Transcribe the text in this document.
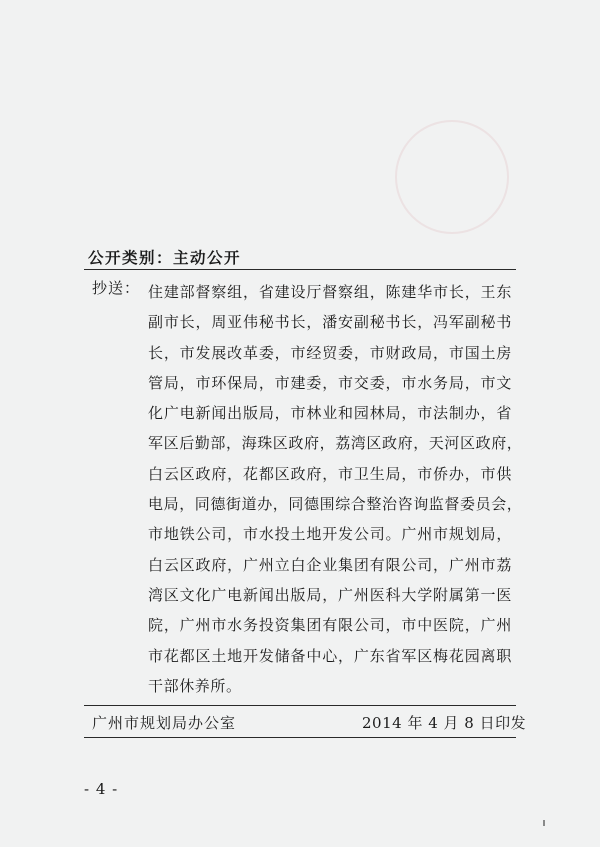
公开类别：主动公开
抄送： 住建部督察组，省建设厅督察组，陈建华市长，王东
副市长，周亚伟秘书长，潘安副秘书长，冯军副秘书
长，市发展改革委，市经贸委，市财政局，市国土房
管局，市环保局，市建委，市交委，市水务局，市文
化广电新闻出版局，市林业和园林局，市法制办，省
军区后勤部，海珠区政府，荔湾区政府，天河区政府，
白云区政府，花都区政府，市卫生局，市侨办，市供
电局，同德街道办，同德围综合整治咨询监督委员会，
市地铁公司，市水投土地开发公司。广州市规划局，
白云区政府，广州立白企业集团有限公司，广州市荔
湾区文化广电新闻出版局，广州医科大学附属第一医
院，广州市水务投资集团有限公司，市中医院，广州
市花都区土地开发储备中心，广东省军区梅花园离职
干部休养所。
广州市规划局办公室	2014 年 4 月 8 日印发
- 4 -
